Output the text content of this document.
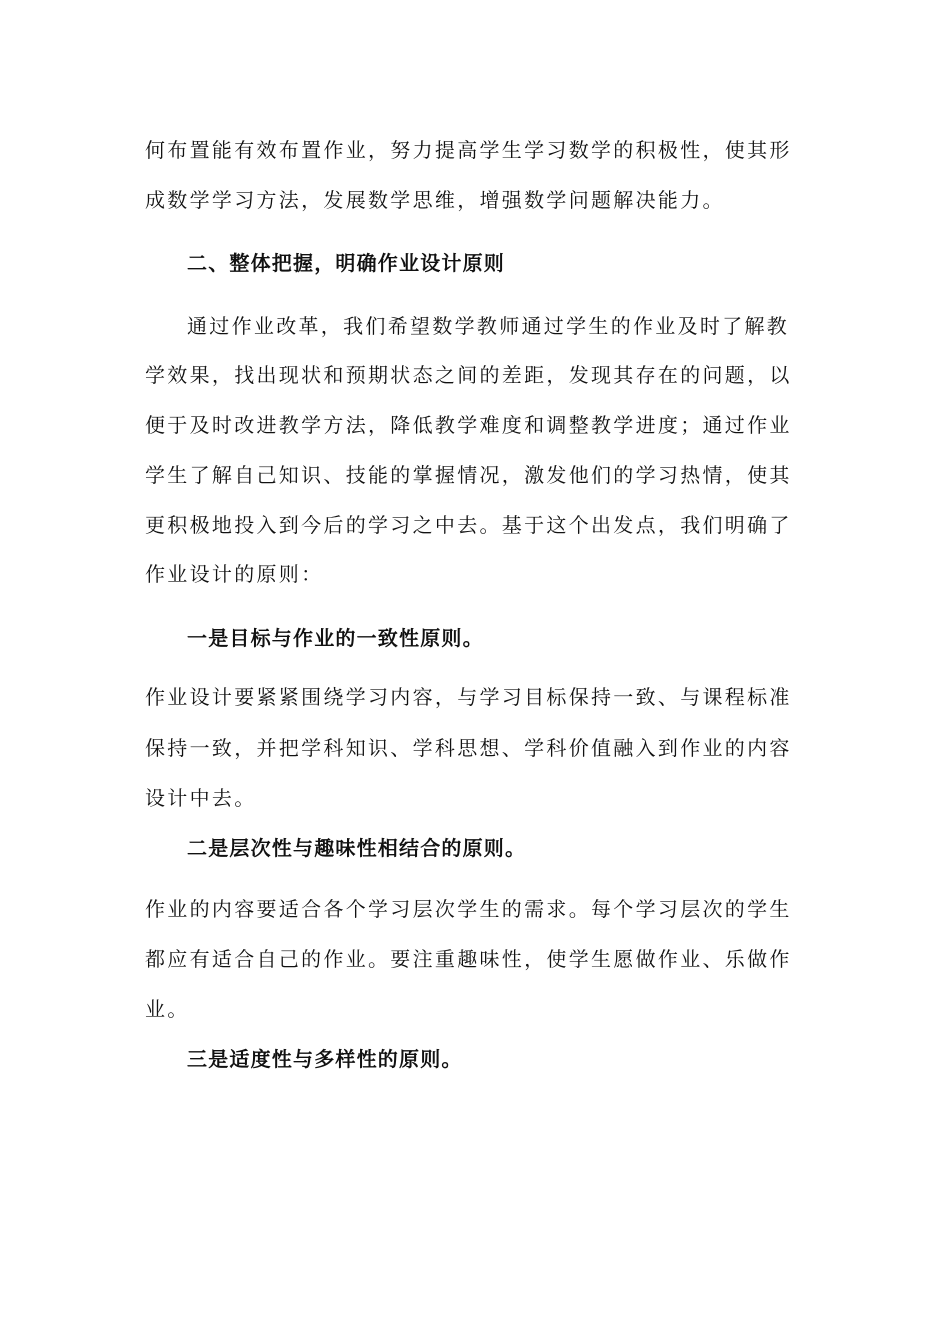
何布置能有效布置作业，努力提高学生学习数学的积极性，使其形
成数学学习方法，发展数学思维，增强数学问题解决能力。
二、整体把握，明确作业设计原则
通过作业改革，我们希望数学教师通过学生的作业及时了解教
学效果，找出现状和预期状态之间的差距，发现其存在的问题，以
便于及时改进教学方法，降低教学难度和调整教学进度；通过作业
学生了解自己知识、技能的掌握情况，激发他们的学习热情，使其
更积极地投入到今后的学习之中去。基于这个出发点，我们明确了
作业设计的原则：
一是目标与作业的一致性原则。
作业设计要紧紧围绕学习内容，与学习目标保持一致、与课程标准
保持一致，并把学科知识、学科思想、学科价值融入到作业的内容
设计中去。
二是层次性与趣味性相结合的原则。
作业的内容要适合各个学习层次学生的需求。每个学习层次的学生
都应有适合自己的作业。要注重趣味性，使学生愿做作业、乐做作
业。
三是适度性与多样性的原则。
